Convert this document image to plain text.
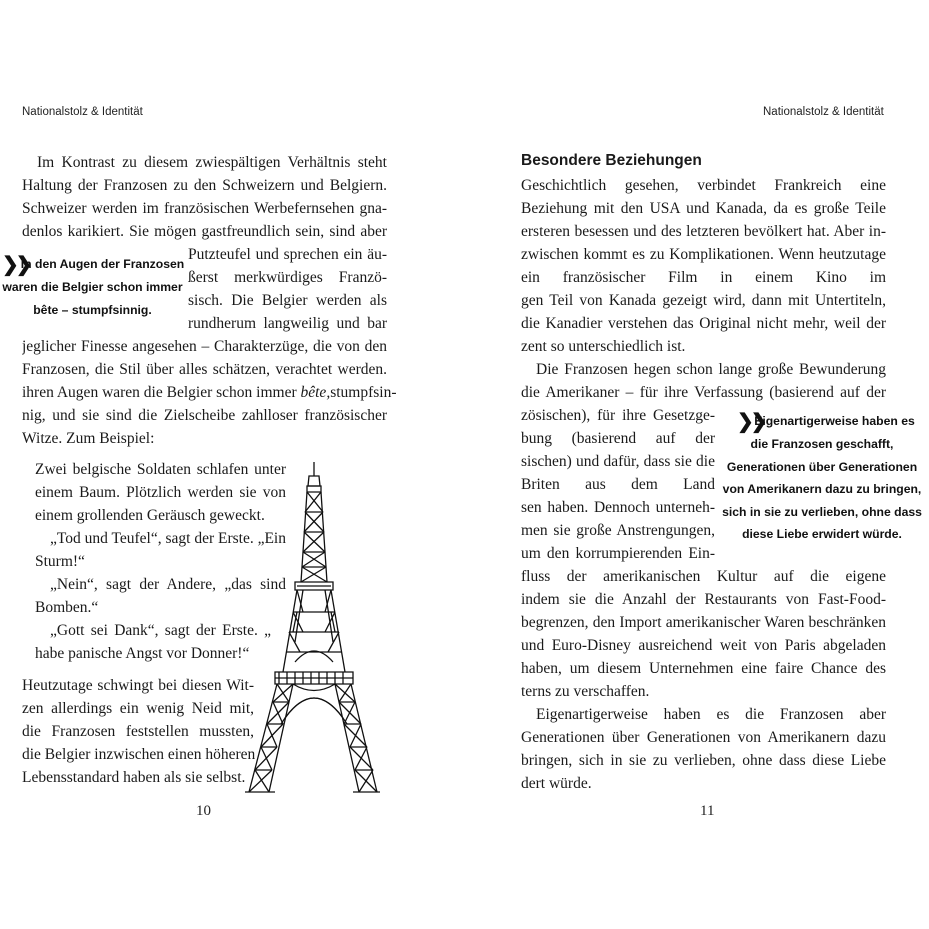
Nationalstolz & Identität
Im Kontrast zu diesem zwiespältigen Verhältnis steht
Haltung der Franzosen zu den Schweizern und Belgiern.
Schweizer werden im französischen Werbefernsehen gna-
denlos karikiert. Sie mögen gastfreundlich sein, sind aber
Putzteufel und sprechen ein äu-
ßerst merkwürdiges Franzö-
sisch. Die Belgier werden als
rundherum langweilig und bar
jeglicher Finesse angesehen – Charakterzüge, die von den
Franzosen, die Stil über alles schätzen, verachtet werden.
ihren Augen waren die Belgier schon immer bête, stumpfsin-
nig, und sie sind die Zielscheibe zahlloser französischer
Witze. Zum Beispiel:
Zwei belgische Soldaten schlafen unter
einem Baum. Plötzlich werden sie von
einem grollenden Geräusch geweckt.
„Tod und Teufel“, sagt der Erste. „Ein
Sturm!“
„Nein“, sagt der Andere, „das sind
Bomben.“
„Gott sei Dank“, sagt der Erste. „
habe panische Angst vor Donner!“
Heutzutage schwingt bei diesen Wit-
zen allerdings ein wenig Neid mit,
die Franzosen feststellen mussten,
die Belgier inzwischen einen höheren
Lebensstandard haben als sie selbst.
❯❯
In den Augen der Franzosen
waren die Belgier schon immer
bête – stumpfsinnig.
10
Nationalstolz & Identität
Besondere Beziehungen
Geschichtlich gesehen, verbindet Frankreich eine
Beziehung mit den USA und Kanada, da es große Teile
ersteren besessen und des letzteren bevölkert hat. Aber in-
zwischen kommt es zu Komplikationen. Wenn heutzutage
ein französischer Film in einem Kino im
gen Teil von Kanada gezeigt wird, dann mit Untertiteln,
die Kanadier verstehen das Original nicht mehr, weil der
zent so unterschiedlich ist.
Die Franzosen hegen schon lange große Bewunderung
die Amerikaner – für ihre Verfassung (basierend auf der
zösischen), für ihre Gesetzge-
bung (basierend auf der
sischen) und dafür, dass sie die
Briten aus dem Land
sen haben. Dennoch unterneh-
men sie große Anstrengungen,
um den korrumpierenden Ein-
fluss der amerikanischen Kultur auf die eigene
indem sie die Anzahl der Restaurants von Fast-Food-
begrenzen, den Import amerikanischer Waren beschränken
und Euro-Disney ausreichend weit von Paris abgeladen
haben, um diesem Unternehmen eine faire Chance des
terns zu verschaffen.
Eigenartigerweise haben es die Franzosen aber
Generationen über Generationen von Amerikanern dazu
bringen, sich in sie zu verlieben, ohne dass diese Liebe
dert würde.
❯❯
Eigenartigerweise haben es
die Franzosen geschafft,
Generationen über Generationen
von Amerikanern dazu zu bringen,
sich in sie zu verlieben, ohne dass
diese Liebe erwidert würde.
11
